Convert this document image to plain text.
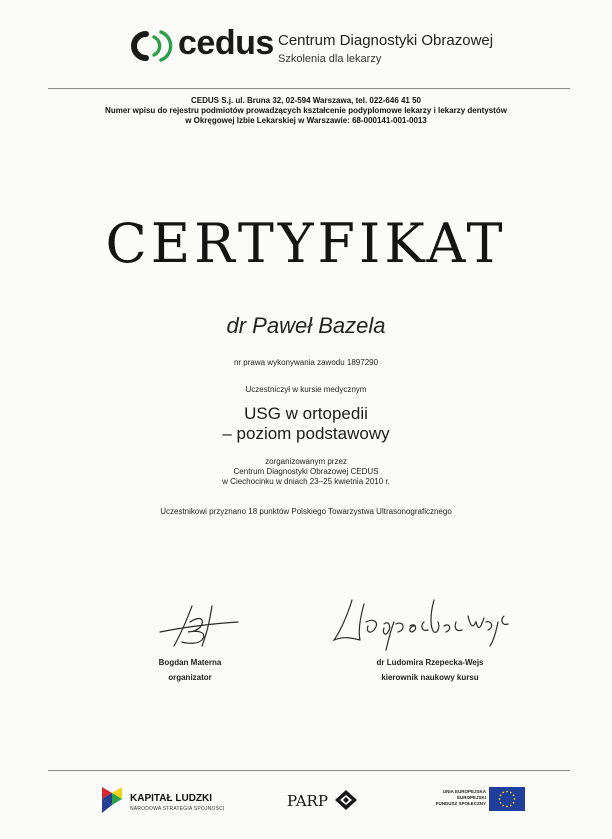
cedus Centrum Diagnostyki Obrazowej
Szkolenia dla lekarzy
CEDUS S.j. ul. Bruna 32, 02-594 Warszawa, tel. 022-646 41 50
Numer wpisu do rejestru podmiotów prowadzących kształcenie podyplomowe lekarzy i lekarzy dentystów
w Okręgowej Izbie Lekarskiej w Warszawie: 68-000141-001-0013
CERTYFIKAT
dr Paweł Bazela
nr prawa wykonywania zawodu 1897290
Uczestniczył w kursie medycznym
USG w ortopedii
– poziom podstawowy
zorganizowanym przez
Centrum Diagnostyki Obrazowej CEDUS
w Ciechocinku w dniach 23–25 kwietnia 2010 r.
Uczestnikowi przyznano 18 punktów Polskiego Towarzystwa Ultrasonograficznego
Bogdan Materna
organizator
dr Ludomira Rzepecka-Wejs
kierownik naukowy kursu
KAPITAŁ LUDZKI
NARODOWA STRATEGIA SPÓJNOŚCI	PARP
UNIA EUROPEJSKA
EUROPEJSKI
FUNDUSZ SPOŁECZNY
